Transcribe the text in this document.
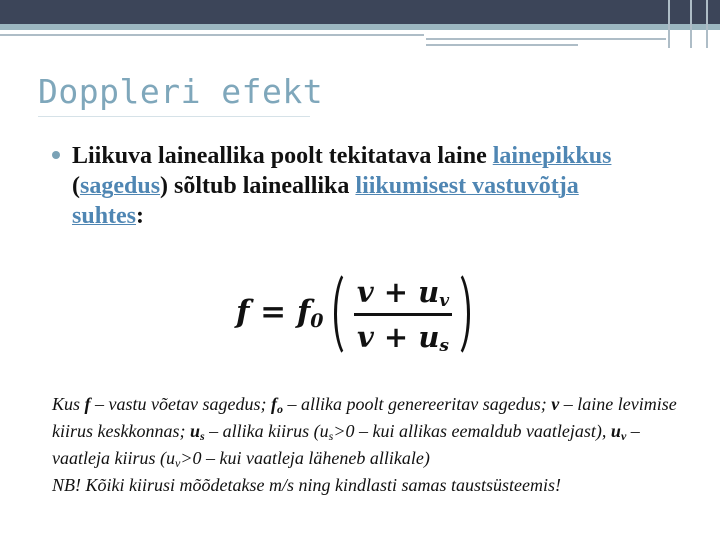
Doppleri efekt
Liikuva laineallika poolt tekitatava laine lainepikkus (sagedus) sõltub laineallika liikumisest vastuvõtja suhtes:
$f = f_0$
$v + u_v$
$v + u_s$

Kus f – vastu võetav sagedus; $f_o$ – allika poolt genereeritav sagedus; v – laine levimise kiirus keskkonnas; $u_s$ – allika kiirus ($u_s>0$ – kui allikas eemaldub vaatlejast), $u_v$ – vaatleja kiirus ($u_v>0$ – kui vaatleja läheneb allikale)

NB! Kõiki kiirusi mõõdetakse m/s ning kindlasti samas taustsüsteemis!
